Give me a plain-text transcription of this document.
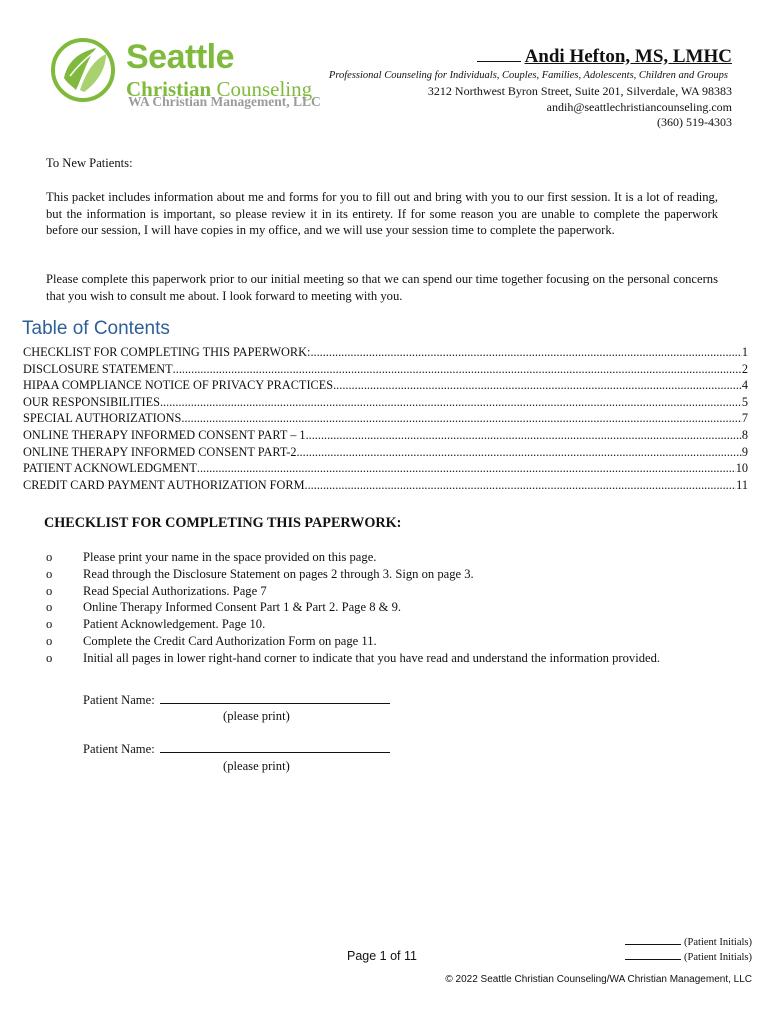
Seattle
Christian Counseling
WA Christian Management, LLC
Andi Hefton, MS, LMHC
Professional Counseling for Individuals, Couples, Families, Adolescents, Children and Groups
3212 Northwest Byron Street, Suite 201, Silverdale, WA 98383
andih@seattlechristiancounseling.com
(360) 519-4303
To New Patients:
This packet includes information about me and forms for you to fill out and bring with you to our first session. It is a lot of reading, but the information is important, so please review it in its entirety. If for some reason you are unable to complete the paperwork before our session, I will have copies in my office, and we will use your session time to complete the paperwork.
Please complete this paperwork prior to our initial meeting so that we can spend our time together focusing on the personal concerns that you wish to consult me about. I look forward to meeting with you.
Table of Contents
CHECKLIST FOR COMPLETING THIS PAPERWORK: .....	1
DISCLOSURE STATEMENT .....	2
HIPAA COMPLIANCE NOTICE OF PRIVACY PRACTICES .....	4
OUR RESPONSIBILITIES .....	5
SPECIAL AUTHORIZATIONS .....	7
ONLINE THERAPY INFORMED CONSENT PART – 1 .....	8
ONLINE THERAPY INFORMED CONSENT PART-2 .....	9
PATIENT ACKNOWLEDGMENT .....	10
CREDIT CARD PAYMENT AUTHORIZATION FORM .....	11
CHECKLIST FOR COMPLETING THIS PAPERWORK:
o	Please print your name in the space provided on this page.
o	Read through the Disclosure Statement on pages 2 through 3. Sign on page 3.
o	Read Special Authorizations. Page 7
o	Online Therapy Informed Consent Part 1 & Part 2. Page 8 & 9.
o	Patient Acknowledgement. Page 10.
o	Complete the Credit Card Authorization Form on page 11.
o	Initial all pages in lower right-hand corner to indicate that you have read and understand the information provided.
Patient Name:
(please print)
Patient Name:
(please print)
Page 1 of 11
(Patient Initials)
(Patient Initials)
© 2022 Seattle Christian Counseling/WA Christian Management, LLC
